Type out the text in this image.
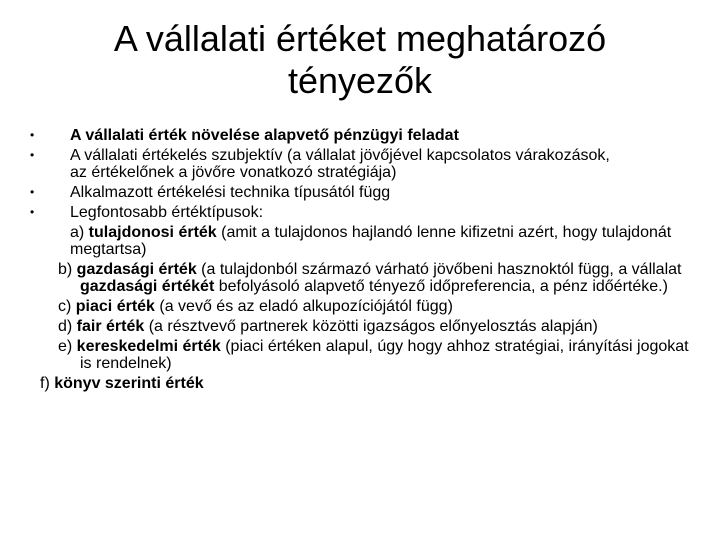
A vállalati értéket meghatározó tényezők
•	A vállalati érték növelése alapvető pénzügyi feladat
•	A vállalati értékelés szubjektív (a vállalat jövőjével kapcsolatos várakozások,
az értékelőnek a jövőre vonatkozó stratégiája)
•	Alkalmazott értékelési technika típusától függ
•	Legfontosabb értéktípusok:
a) tulajdonosi érték (amit a tulajdonos hajlandó lenne kifizetni azért, hogy tulajdonát megtartsa)
b) gazdasági érték (a tulajdonból származó várható jövőbeni hasznoktól függ, a vállalat gazdasági értékét befolyásoló alapvető tényező időpreferencia, a pénz időértéke.)
c) piaci érték (a vevő és az eladó alkupozíciójától függ)
d) fair érték (a résztvevő partnerek közötti igazságos előnyelosztás alapján)
e) kereskedelmi érték (piaci értéken alapul, úgy hogy ahhoz stratégiai, irányítási jogokat is rendelnek)
f) könyv szerinti érték
